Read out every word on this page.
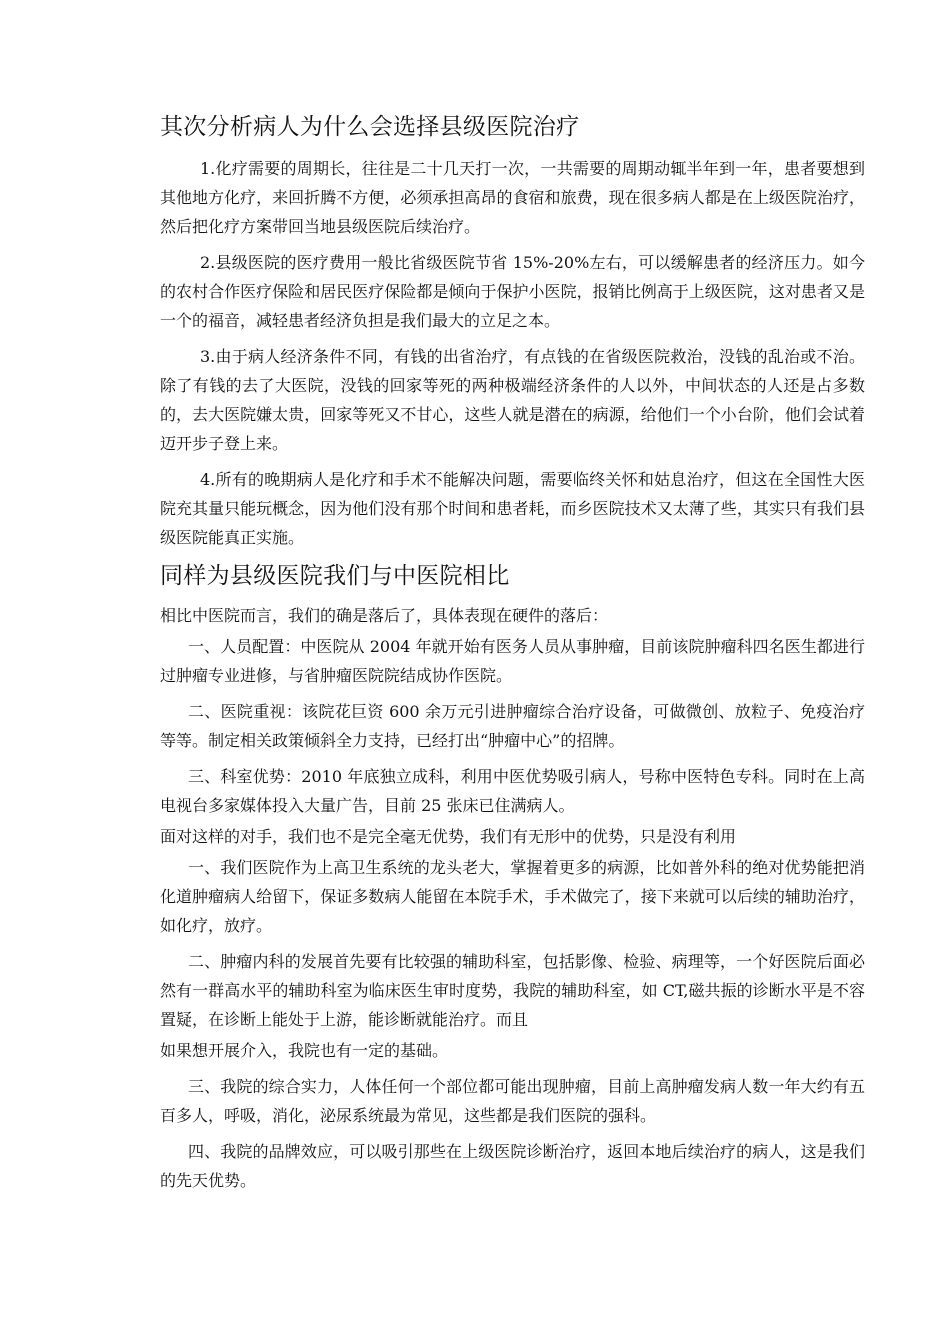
其次分析病人为什么会选择县级医院治疗

1.化疗需要的周期长，往往是二十几天打一次，一共需要的周期动辄半年到一年，患者要想到其他地方化疗，来回折腾不方便，必须承担高昂的食宿和旅费，现在很多病人都是在上级医院治疗，然后把化疗方案带回当地县级医院后续治疗。

2.县级医院的医疗费用一般比省级医院节省 15%-20%左右，可以缓解患者的经济压力。如今的农村合作医疗保险和居民医疗保险都是倾向于保护小医院，报销比例高于上级医院，这对患者又是一个的福音，减轻患者经济负担是我们最大的立足之本。

3.由于病人经济条件不同，有钱的出省治疗，有点钱的在省级医院救治，没钱的乱治或不治。除了有钱的去了大医院，没钱的回家等死的两种极端经济条件的人以外，中间状态的人还是占多数的，去大医院嫌太贵，回家等死又不甘心，这些人就是潜在的病源，给他们一个小台阶，他们会试着迈开步子登上来。

4.所有的晚期病人是化疗和手术不能解决问题，需要临终关怀和姑息治疗，但这在全国性大医院充其量只能玩概念，因为他们没有那个时间和患者耗，而乡医院技术又太薄了些，其实只有我们县级医院能真正实施。

同样为县级医院我们与中医院相比

相比中医院而言，我们的确是落后了，具体表现在硬件的落后：

一、人员配置：中医院从 2004 年就开始有医务人员从事肿瘤，目前该院肿瘤科四名医生都进行过肿瘤专业进修，与省肿瘤医院院结成协作医院。

二、医院重视：该院花巨资 600 余万元引进肿瘤综合治疗设备，可做微创、放粒子、免疫治疗等等。制定相关政策倾斜全力支持，已经打出“肿瘤中心”的招牌。

三、科室优势：2010 年底独立成科，利用中医优势吸引病人，号称中医特色专科。同时在上高电视台多家媒体投入大量广告，目前 25 张床已住满病人。

面对这样的对手，我们也不是完全毫无优势，我们有无形中的优势，只是没有利用

一、我们医院作为上高卫生系统的龙头老大，掌握着更多的病源，比如普外科的绝对优势能把消化道肿瘤病人给留下，保证多数病人能留在本院手术，手术做完了，接下来就可以后续的辅助治疗，如化疗，放疗。

二、肿瘤内科的发展首先要有比较强的辅助科室，包括影像、检验、病理等，一个好医院后面必然有一群高水平的辅助科室为临床医生审时度势，我院的辅助科室，如 CT,磁共振的诊断水平是不容置疑，在诊断上能处于上游，能诊断就能治疗。而且

如果想开展介入，我院也有一定的基础。

三、我院的综合实力，人体任何一个部位都可能出现肿瘤，目前上高肿瘤发病人数一年大约有五百多人，呼吸，消化，泌尿系统最为常见，这些都是我们医院的强科。

四、我院的品牌效应，可以吸引那些在上级医院诊断治疗，返回本地后续治疗的病人，这是我们的先天优势。
